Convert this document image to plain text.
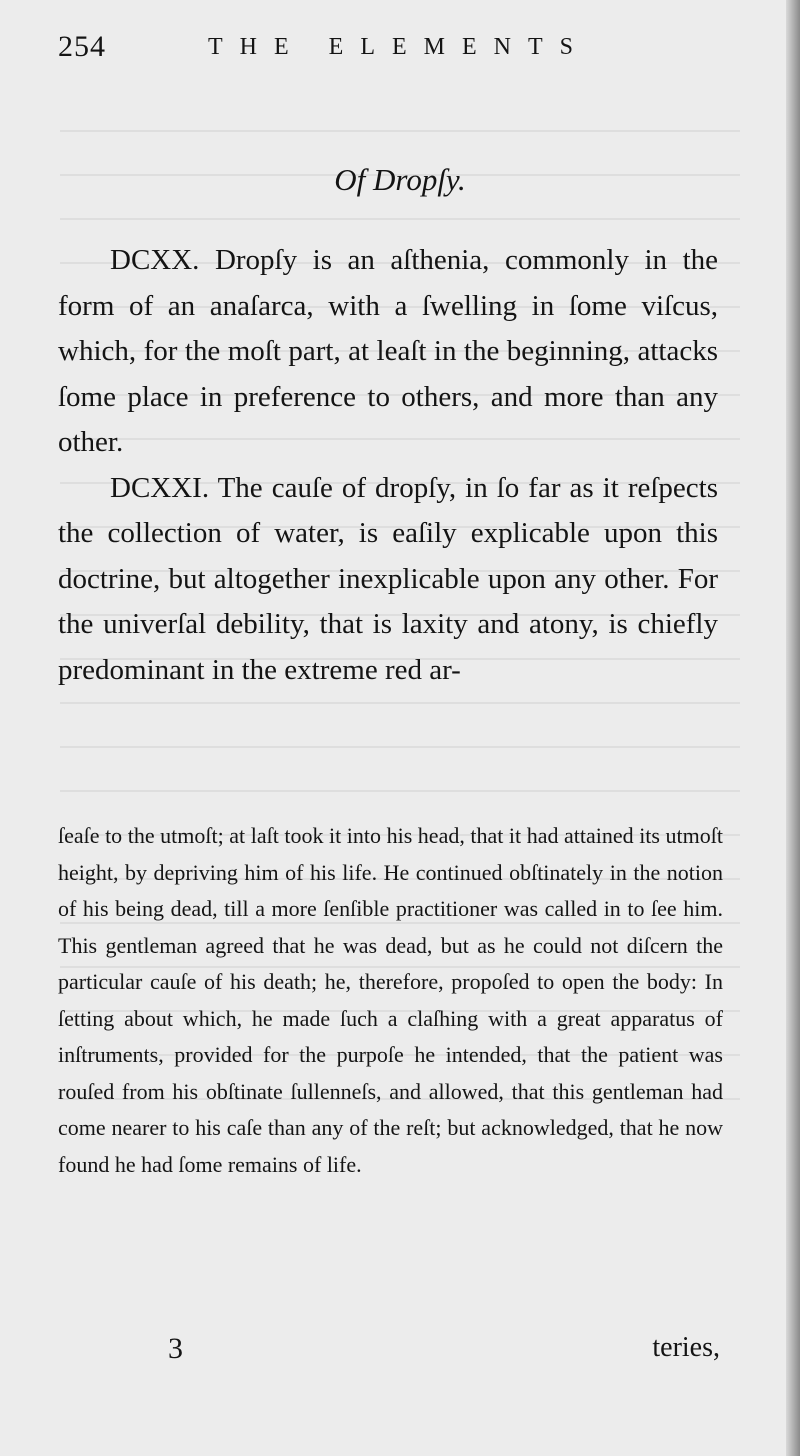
254	THE ELEMENTS
Of Dropſy.

DCXX. Dropſy is an aſthenia, commonly in the form of an anaſarca, with a ſwelling in ſome viſcus, which, for the moſt part, at leaſt in the beginning, attacks ſome place in preference to others, and more than any other.

DCXXI. The cauſe of dropſy, in ſo far as it reſpects the collection of water, is eaſily explicable upon this doctrine, but altogether inexplicable upon any other. For the univerſal debility, that is laxity and atony, is chiefly predominant in the extreme red ar-

ſeaſe to the utmoſt; at laſt took it into his head, that it had attained its utmoſt height, by depriving him of his life. He continued obſtinately in the notion of his being dead, till a more ſenſible practitioner was called in to ſee him. This gentleman agreed that he was dead, but as he could not diſcern the particular cauſe of his death; he, therefore, propoſed to open the body: In ſetting about which, he made ſuch a claſhing with a great apparatus of inſtruments, provided for the purpoſe he intended, that the patient was rouſed from his obſtinate ſullenneſs, and allowed, that this gentleman had come nearer to his caſe than any of the reſt; but acknowledged, that he now found he had ſome remains of life.
3	teries,
